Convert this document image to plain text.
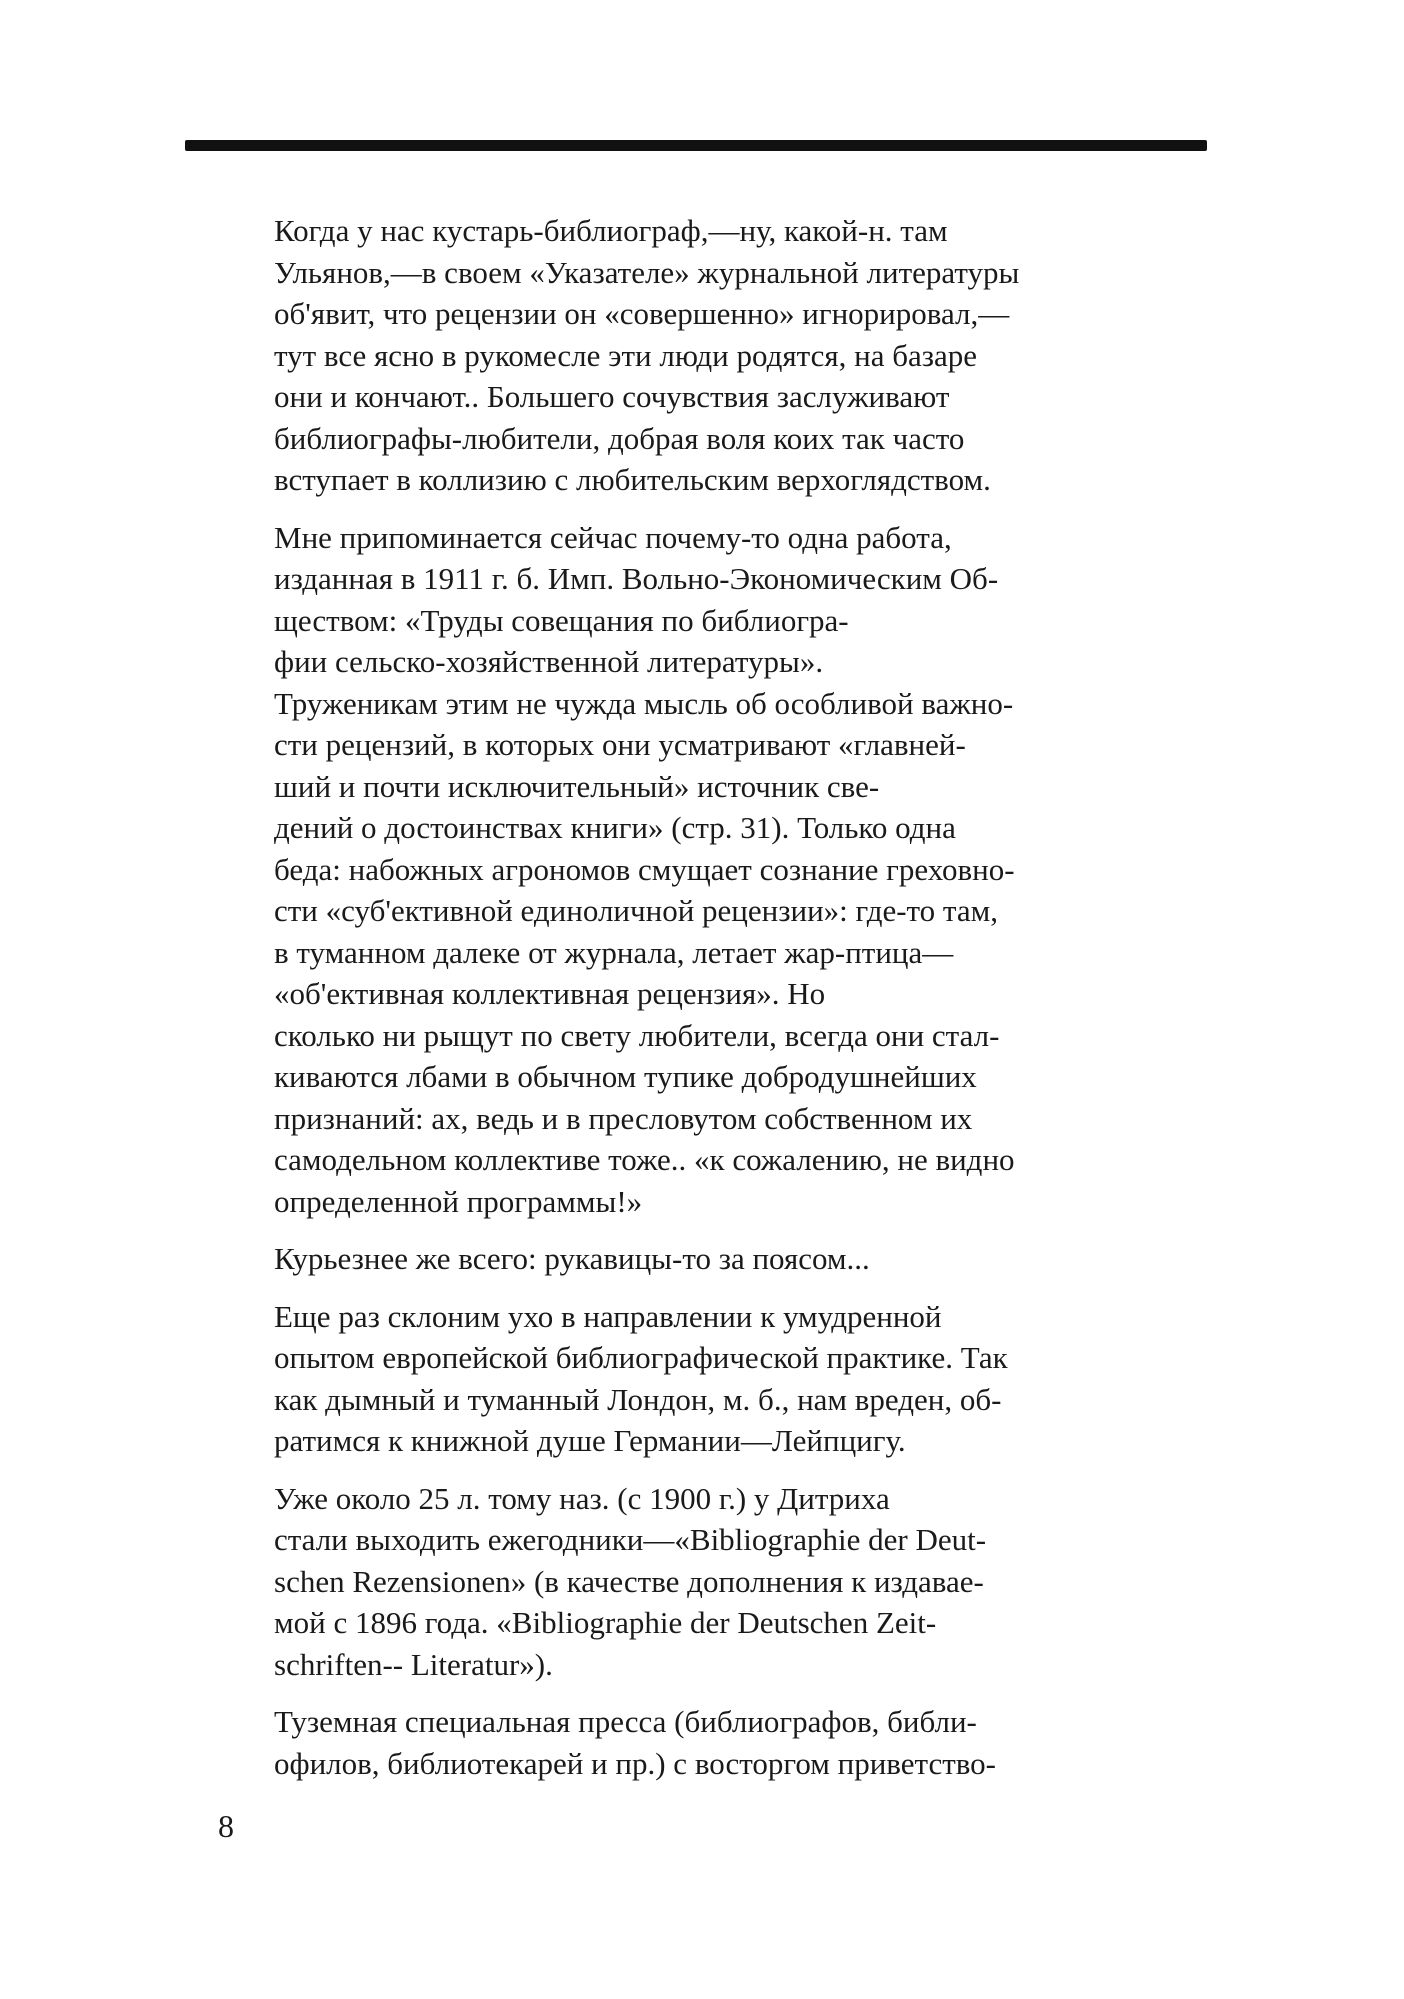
Когда у нас кустарь-библиограф,—ну, какой-н. там
Ульянов,—в своем «Указателе» журнальной литературы
об'явит, что рецензии он «совершенно» игнорировал,—
тут все ясно в рукомесле эти люди родятся, на базаре
они и кончают.. Большего сочувствия заслуживают
библиографы-любители, добрая воля коих так часто
вступает в коллизию с любительским верхоглядством.

Мне припоминается сейчас почему-то одна работа,
изданная в 1911 г. б. Имп. Вольно-Экономическим Об-
ществом: «Труды совещания по библиогра-
фии сельско-хозяйственной литературы».
Труженикам этим не чужда мысль об особливой важно-
сти рецензий, в которых они усматривают «главней-
ший и почти исключительный» источник све-
дений о достоинствах книги» (стр. 31). Только одна
беда: набожных агрономов смущает сознание греховно-
сти «суб'ективной единоличной рецензии»: где-то там,
в туманном далеке от журнала, летает жар-птица—
«об'ективная коллективная рецензия». Но
сколько ни рыщут по свету любители, всегда они стал-
киваются лбами в обычном тупике добродушнейших
признаний: ах, ведь и в пресловутом собственном их
самодельном коллективе тоже.. «к сожалению, не видно
определенной программы!»

Курьезнее же всего: рукавицы-то за поясом...

Еще раз склоним ухо в направлении к умудренной
опытом европейской библиографической практике. Так
как дымный и туманный Лондон, м. б., нам вреден, об-
ратимся к книжной душе Германии—Лейпцигу.

Уже около 25 л. тому наз. (с 1900 г.) у Дитриха
стали выходить ежегодники—«Bibliographie der Deut-
schen Rezensionen» (в качестве дополнения к издавае-
мой с 1896 года. «Bibliographie der Deutschen Zeit-
schriften-- Literatur»).

Туземная специальная пресса (библиографов, библи-
офилов, библиотекарей и пр.) с восторгом приветство-

8
